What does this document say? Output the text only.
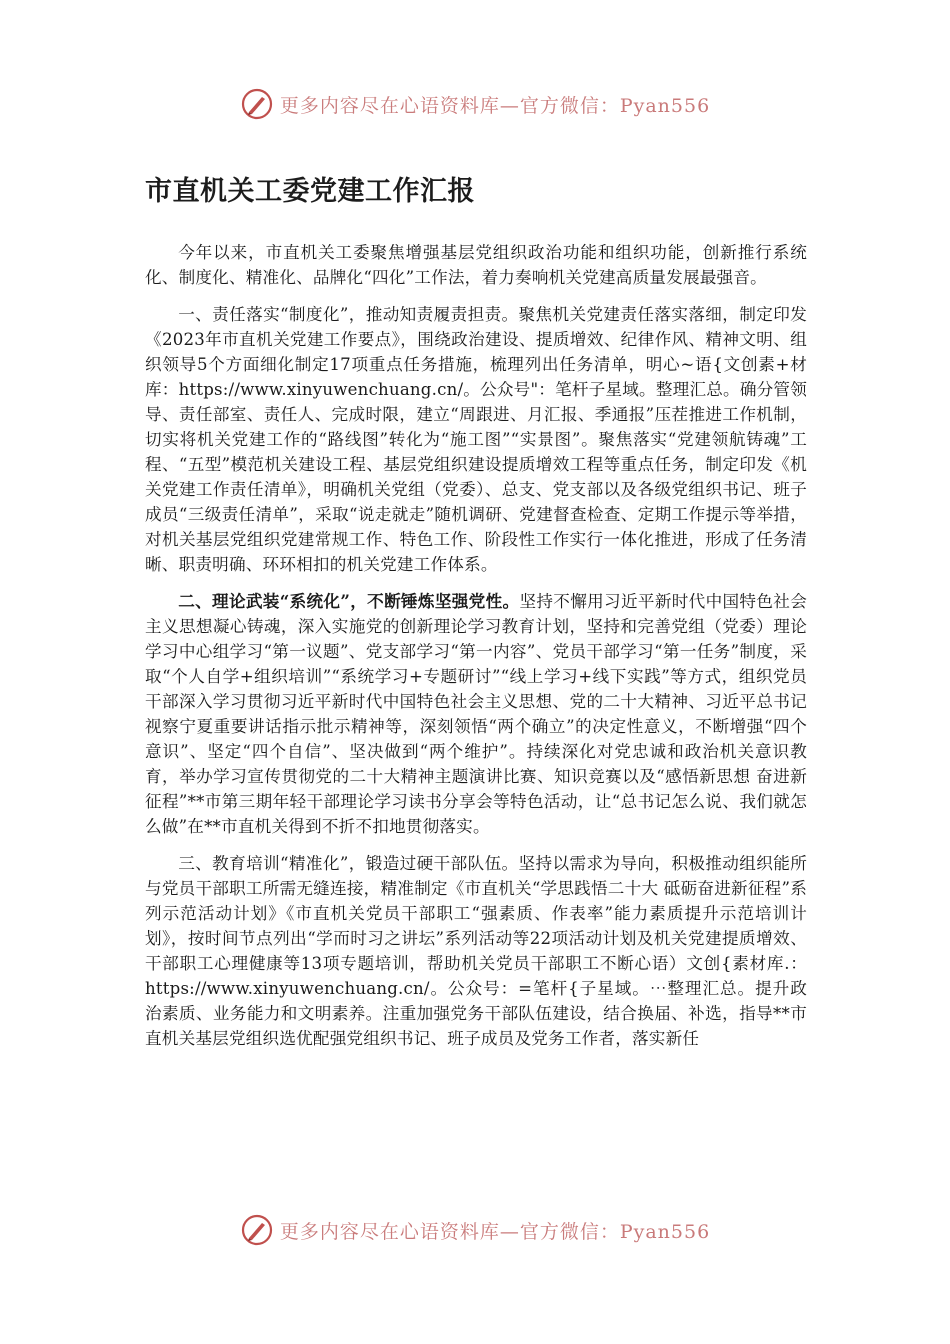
更多内容尽在心语资料库—官方微信：Pyan556
市直机关工委党建工作汇报

今年以来，市直机关工委聚焦增强基层党组织政治功能和组织功能，创新推行系统化、制度化、精准化、品牌化“四化”工作法，着力奏响机关党建高质量发展最强音。

一、责任落实“制度化”，推动知责履责担责。聚焦机关党建责任落实落细，制定印发《2023年市直机关党建工作要点》，围绕政治建设、提质增效、纪律作风、精神文明、组织领导5个方面细化制定17项重点任务措施，梳理列出任务清单，明心~语{文创素+材库：https://www.xinyuwenchuang.cn/。公众号"：笔杆子星域。整理汇总。确分管领导、责任部室、责任人、完成时限，建立“周跟进、月汇报、季通报”压茬推进工作机制，切实将机关党建工作的“路线图”转化为“施工图”“实景图”。聚焦落实“党建领航铸魂”工程、“五型”模范机关建设工程、基层党组织建设提质增效工程等重点任务，制定印发《机关党建工作责任清单》，明确机关党组（党委）、总支、党支部以及各级党组织书记、班子成员“三级责任清单”，采取“说走就走”随机调研、党建督查检查、定期工作提示等举措，对机关基层党组织党建常规工作、特色工作、阶段性工作实行一体化推进，形成了任务清晰、职责明确、环环相扣的机关党建工作体系。

二、理论武装“系统化”，不断锤炼坚强党性。坚持不懈用习近平新时代中国特色社会主义思想凝心铸魂，深入实施党的创新理论学习教育计划，坚持和完善党组（党委）理论学习中心组学习“第一议题”、党支部学习“第一内容”、党员干部学习“第一任务”制度，采取“个人自学+组织培训”“系统学习+专题研讨”“线上学习+线下实践”等方式，组织党员干部深入学习贯彻习近平新时代中国特色社会主义思想、党的二十大精神、习近平总书记视察宁夏重要讲话指示批示精神等，深刻领悟“两个确立”的决定性意义，不断增强“四个意识”、坚定“四个自信”、坚决做到“两个维护”。持续深化对党忠诚和政治机关意识教育，举办学习宣传贯彻党的二十大精神主题演讲比赛、知识竞赛以及“感悟新思想 奋进新征程”**市第三期年轻干部理论学习读书分享会等特色活动，让“总书记怎么说、我们就怎么做”在**市直机关得到不折不扣地贯彻落实。

三、教育培训“精准化”，锻造过硬干部队伍。坚持以需求为导向，积极推动组织能所与党员干部职工所需无缝连接，精准制定《市直机关“学思践悟二十大 砥砺奋进新征程”系列示范活动计划》《市直机关党员干部职工“强素质、作表率”能力素质提升示范培训计划》，按时间节点列出“学而时习之讲坛”系列活动等22项活动计划及机关党建提质增效、干部职工心理健康等13项专题培训，帮助机关党员干部职工不断心语）文创{素材库.：https://www.xinyuwenchuang.cn/。公众号：=笔杆{子星域。⋯整理汇总。提升政治素质、业务能力和文明素养。注重加强党务干部队伍建设，结合换届、补选，指导**市直机关基层党组织选优配强党组织书记、班子成员及党务工作者，落实新任

更多内容尽在心语资料库—官方微信：Pyan556
